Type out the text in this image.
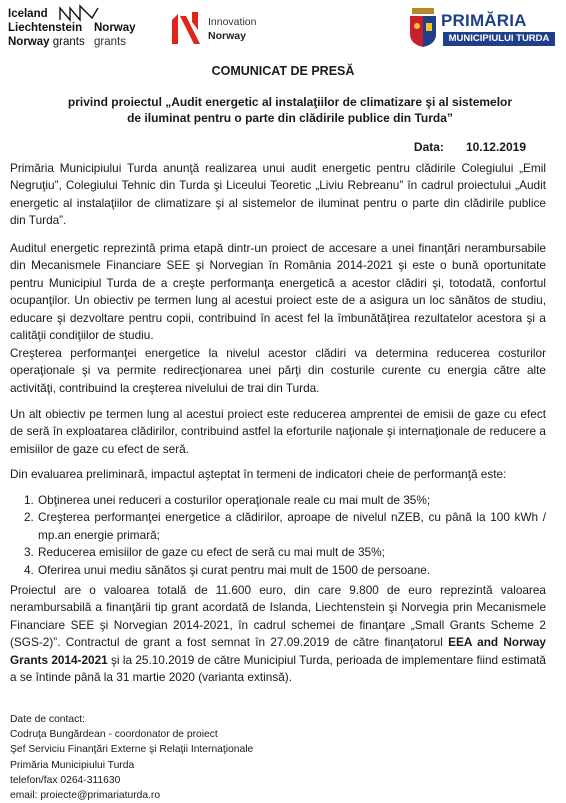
Iceland
Liechtenstein
Norway grants
Norway
grants
Innovation
Norway
PRIMĂRIA
MUNICIPIULUI TURDA
COMUNICAT DE PRESĂ
privind proiectul „Audit energetic al instalaţiilor de climatizare şi al sistemelor
de iluminat pentru o parte din clădirile publice din Turda”
Data: 10.12.2019

Primăria Municipiului Turda anunţă realizarea unui audit energetic pentru clădirile Colegiului „Emil Negruţiu”, Colegiului Tehnic din Turda şi Liceului Teoretic „Liviu Rebreanu” în cadrul proiectului „Audit energetic al instalaţiilor de climatizare şi al sistemelor de iluminat pentru o parte din clădirile publice din Turda”.

Auditul energetic reprezintă prima etapă dintr-un proiect de accesare a unei finanţări nerambursabile din Mecanismele Financiare SEE şi Norvegian în România 2014-2021 şi este o bună oportunitate pentru Municipiul Turda de a creşte performanţa energetică a acestor clădiri şi, totodată, confortul ocupanţilor. Un obiectiv pe termen lung al acestui proiect este de a asigura un loc sănătos de studiu, educare şi dezvoltare pentru copii, contribuind în acest fel la îmbunătăţirea rezultatelor acestora şi a calităţii condiţiilor de studiu.

Creşterea performanţei energetice la nivelul acestor clădiri va determina reducerea costurilor operaţionale şi va permite redirecţionarea unei părţi din costurile curente cu energia către alte activităţi, contribuind la creşterea nivelului de trai din Turda.

Un alt obiectiv pe termen lung al acestui proiect este reducerea amprentei de emisii de gaze cu efect de seră în exploatarea clădirilor, contribuind astfel la eforturile naţionale şi internaţionale de reducere a emisiilor de gaze cu efect de seră.

Din evaluarea preliminară, impactul aşteptat în termeni de indicatori cheie de performanţă este:

1. Obţinerea unei reduceri a costurilor operaţionale reale cu mai mult de 35%;
2. Creşterea performanţei energetice a clădirilor, aproape de nivelul nZEB, cu până la 100 kWh / mp.an energie primară;
3. Reducerea emisiilor de gaze cu efect de seră cu mai mult de 35%;
4. Oferirea unui mediu sănătos şi curat pentru mai mult de 1500 de persoane.

Proiectul are o valoarea totală de 11.600 euro, din care 9.800 de euro reprezintă valoarea nerambursabilă a finanţării tip grant acordată de Islanda, Liechtenstein şi Norvegia prin Mecanismele Financiare SEE şi Norvegian 2014-2021, în cadrul schemei de finanţare „Small Grants Scheme 2 (SGS-2)”. Contractul de grant a fost semnat în 27.09.2019 de către finanţatorul EEA and Norway Grants 2014-2021 şi la 25.10.2019 de către Municipiul Turda, perioada de implementare fiind estimată a se întinde până la 31 martie 2020 (varianta extinsă).

Date de contact:
Codruţa Bungărdean - coordonator de proiect
Şef Serviciu Finanţări Externe şi Relaţii Internaţionale
Primăria Municipiului Turda
telefon/fax 0264-311630
email: proiecte@primariaturda.ro
